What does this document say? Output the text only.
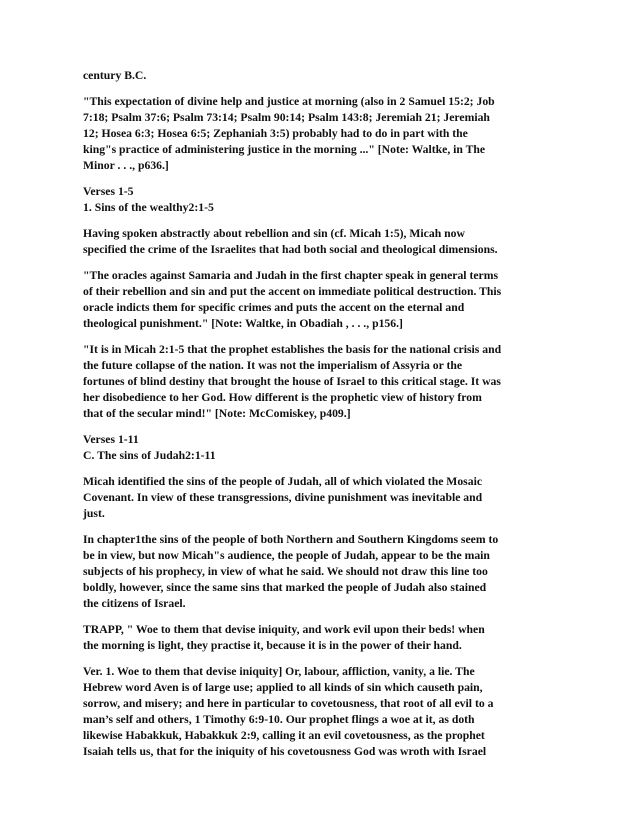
century B.C.

"This expectation of divine help and justice at morning (also in 2 Samuel 15:2; Job
7:18; Psalm 37:6; Psalm 73:14; Psalm 90:14; Psalm 143:8; Jeremiah 21; Jeremiah
12; Hosea 6:3; Hosea 6:5; Zephaniah 3:5) probably had to do in part with the
king"s practice of administering justice in the morning ..." [Note: Waltke, in The
Minor . . ., p636.]

Verses 1-5
1. Sins of the wealthy2:1-5

Having spoken abstractly about rebellion and sin (cf. Micah 1:5), Micah now
specified the crime of the Israelites that had both social and theological dimensions.

"The oracles against Samaria and Judah in the first chapter speak in general terms
of their rebellion and sin and put the accent on immediate political destruction. This
oracle indicts them for specific crimes and puts the accent on the eternal and
theological punishment." [Note: Waltke, in Obadiah , . . ., p156.]

"It is in Micah 2:1-5 that the prophet establishes the basis for the national crisis and
the future collapse of the nation. It was not the imperialism of Assyria or the
fortunes of blind destiny that brought the house of Israel to this critical stage. It was
her disobedience to her God. How different is the prophetic view of history from
that of the secular mind!" [Note: McComiskey, p409.]

Verses 1-11
C. The sins of Judah2:1-11

Micah identified the sins of the people of Judah, all of which violated the Mosaic
Covenant. In view of these transgressions, divine punishment was inevitable and
just.

In chapter1the sins of the people of both Northern and Southern Kingdoms seem to
be in view, but now Micah"s audience, the people of Judah, appear to be the main
subjects of his prophecy, in view of what he said. We should not draw this line too
boldly, however, since the same sins that marked the people of Judah also stained
the citizens of Israel.

TRAPP, " Woe to them that devise iniquity, and work evil upon their beds! when
the morning is light, they practise it, because it is in the power of their hand.

Ver. 1. Woe to them that devise iniquity] Or, labour, affliction, vanity, a lie. The
Hebrew word Aven is of large use; applied to all kinds of sin which causeth pain,
sorrow, and misery; and here in particular to covetousness, that root of all evil to a
man’s self and others, 1 Timothy 6:9-10. Our prophet flings a woe at it, as doth
likewise Habakkuk, Habakkuk 2:9, calling it an evil covetousness, as the prophet
Isaiah tells us, that for the iniquity of his covetousness God was wroth with Israel
